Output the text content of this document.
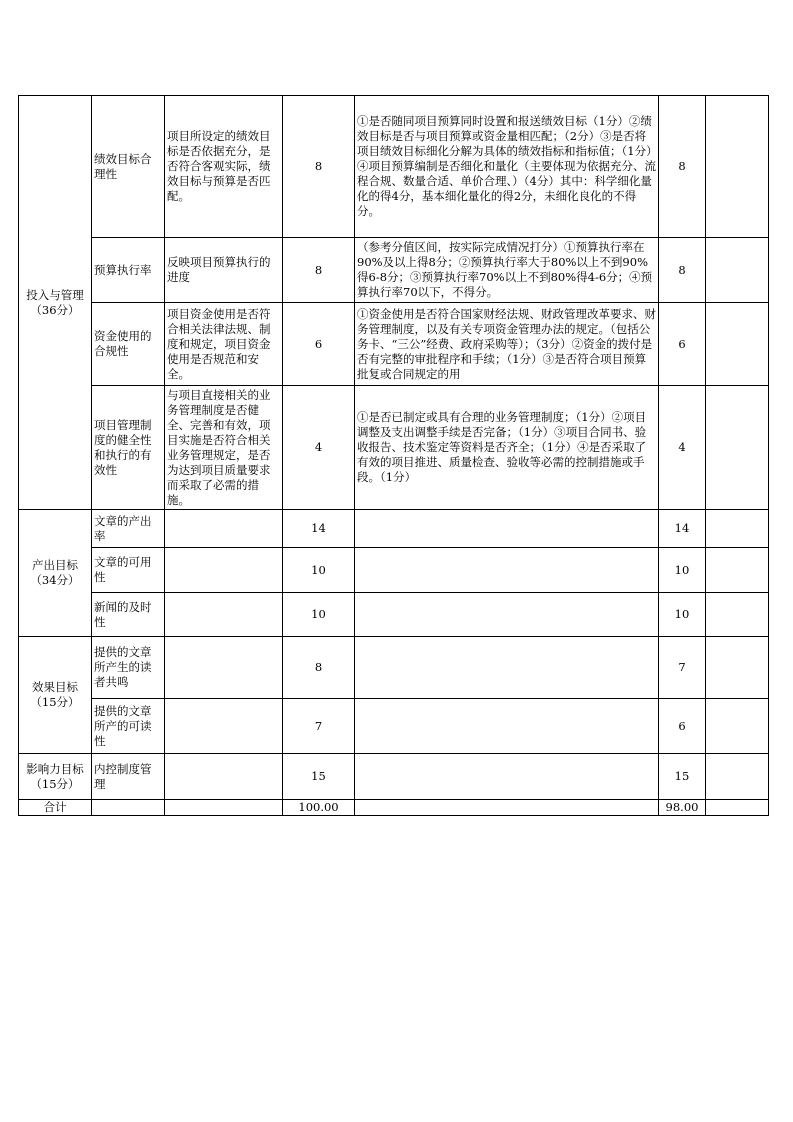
投入与管理（36分）	绩效目标合理性	项目所设定的绩效目标是否依据充分，是否符合客观实际，绩效目标与预算是否匹配。	8	①是否随同项目预算同时设置和报送绩效目标（1分）②绩效目标是否与项目预算或资金量相匹配；（2分）③是否将项目绩效目标细化分解为具体的绩效指标和指标值；（1分）④项目预算编制是否细化和量化（主要体现为依据充分、流程合规、数量合适、单价合理、）（4分）其中：科学细化量化的得4分，基本细化量化的得2分，未细化良化的不得分。	8	
	预算执行率	反映项目预算执行的进度	8	（参考分值区间，按实际完成情况打分）①预算执行率在90%及以上得8分；②预算执行率大于80%以上不到90%得6-8分；③预算执行率70%以上不到80%得4-6分；④预算执行率70以下，不得分。	8	
	资金使用的合规性	项目资金使用是否符合相关法律法规、制度和规定，项目资金使用是否规范和安全。	6	①资金使用是否符合国家财经法规、财政管理改革要求、财务管理制度，以及有关专项资金管理办法的规定。（包括公务卡、“三公”经费、政府采购等）；（3分）②资金的拨付是否有完整的审批程序和手续；（1分）③是否符合项目预算批复或合同规定的用	6	
	项目管理制度的健全性和执行的有效性	与项目直接相关的业务管理制度是否健全、完善和有效，项目实施是否符合相关业务管理规定，是否为达到项目质量要求而采取了必需的措施。	4	①是否已制定或具有合理的业务管理制度；（1分）②项目调整及支出调整手续是否完备；（1分）③项目合同书、验收报告、技术鉴定等资料是否齐全；（1分）④是否采取了有效的项目推进、质量检查、验收等必需的控制措施或手段。（1分）	4	
产出目标（34分）	文章的产出率		14		14	
	文章的可用性		10		10	
	新闻的及时性		10		10	
效果目标（15分）	提供的文章所产生的读者共鸣		8		7	
	提供的文章所产的可读性		7		6	
影响力目标（15分）	内控制度管理		15		15	
合计			100.00		98.00	
